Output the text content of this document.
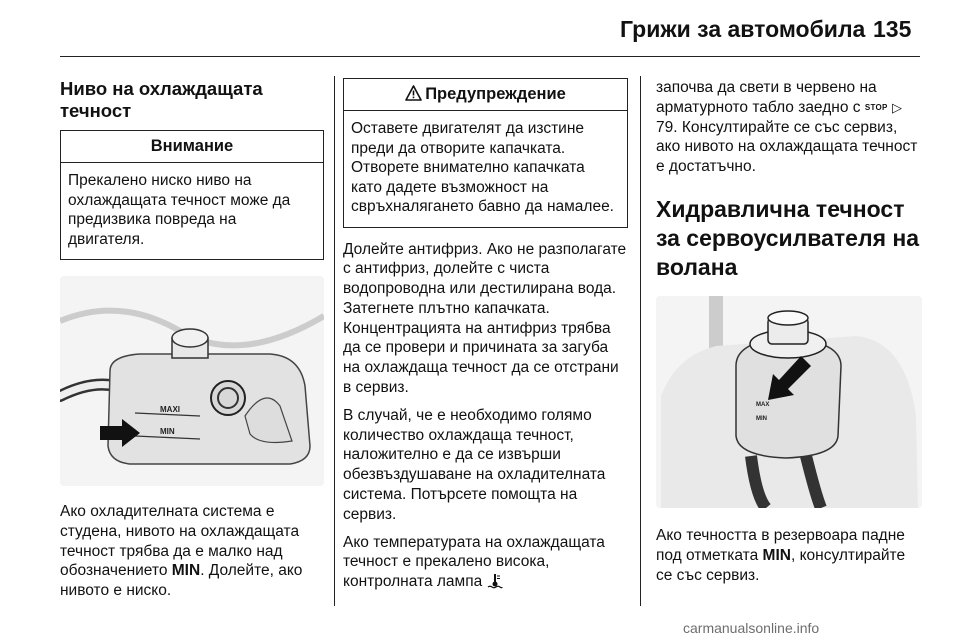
Грижи за автомобила 135
Ниво на охлаждащата течност
Внимание
Прекалено ниско ниво на охлаждащата течност може да предизвика повреда на двигателя.
MAXI
MIN

Ако охладителната система е студена, нивото на охлаждащата течност трябва да е малко над обозначението MIN. Долейте, ако нивото е ниско.

Предупреждение
Оставете двигателят да изстине преди да отворите капачката. Отворете внимателно капачката като дадете възможност на свръхналягането бавно да намалее.

Долейте антифриз. Ако не разполагате с антифриз, долейте с чиста водопроводна или дестилирана вода. Затегнете плътно капачката. Концентрацията на антифриз трябва да се провери и причината за загуба на охлаждаща течност да се отстрани в сервиз.

В случай, че е необходимо голямо количество охлаждаща течност, наложително е да се извърши обезвъздушаване на охладителната система. Потърсете помощта на сервиз.

Ако температурата на охлаждащата течност е прекалено висока, контролната лампа

започва да свети в червено на арматурното табло заедно с STOP ▷79. Консултирайте се със сервиз, ако нивото на охлаждащата течност е достатъчно.

Хидравлична течност за сервоусилвателя на волана
MAX
MIN

Ако течността в резервоара падне под отметката MIN, консултирайте се със сервиз.

carmanualsonline.info
